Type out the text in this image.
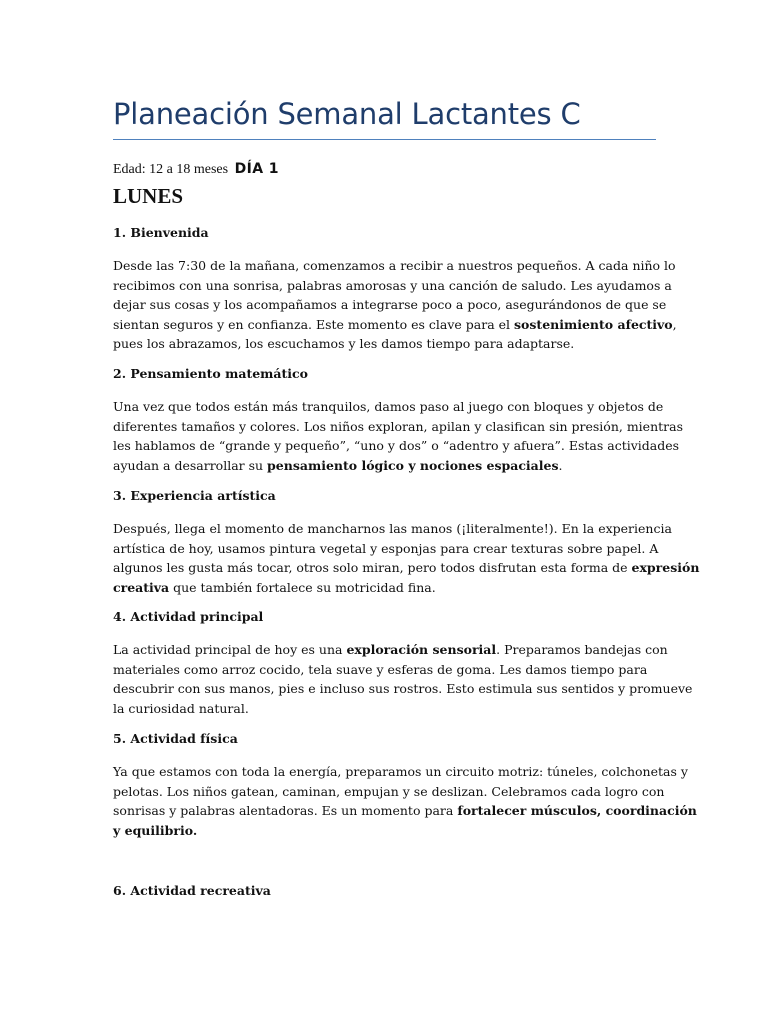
Planeación Semanal Lactantes C
Edad: 12 a 18 meses DÍA 1
LUNES
1. Bienvenida
Desde las 7:30 de la mañana, comenzamos a recibir a nuestros pequeños. A cada niño lo
recibimos con una sonrisa, palabras amorosas y una canción de saludo. Les ayudamos a
dejar sus cosas y los acompañamos a integrarse poco a poco, asegurándonos de que se
sientan seguros y en confianza. Este momento es clave para el sostenimiento afectivo,
pues los abrazamos, los escuchamos y les damos tiempo para adaptarse.
2. Pensamiento matemático
Una vez que todos están más tranquilos, damos paso al juego con bloques y objetos de
diferentes tamaños y colores. Los niños exploran, apilan y clasifican sin presión, mientras
les hablamos de “grande y pequeño”, “uno y dos” o “adentro y afuera”. Estas actividades
ayudan a desarrollar su pensamiento lógico y nociones espaciales.
3. Experiencia artística
Después, llega el momento de mancharnos las manos (¡literalmente!). En la experiencia
artística de hoy, usamos pintura vegetal y esponjas para crear texturas sobre papel. A
algunos les gusta más tocar, otros solo miran, pero todos disfrutan esta forma de expresión
creativa que también fortalece su motricidad fina.
4. Actividad principal
La actividad principal de hoy es una exploración sensorial. Preparamos bandejas con
materiales como arroz cocido, tela suave y esferas de goma. Les damos tiempo para
descubrir con sus manos, pies e incluso sus rostros. Esto estimula sus sentidos y promueve
la curiosidad natural.
5. Actividad física
Ya que estamos con toda la energía, preparamos un circuito motriz: túneles, colchonetas y
pelotas. Los niños gatean, caminan, empujan y se deslizan. Celebramos cada logro con
sonrisas y palabras alentadoras. Es un momento para fortalecer músculos, coordinación
y equilibrio.
6. Actividad recreativa
